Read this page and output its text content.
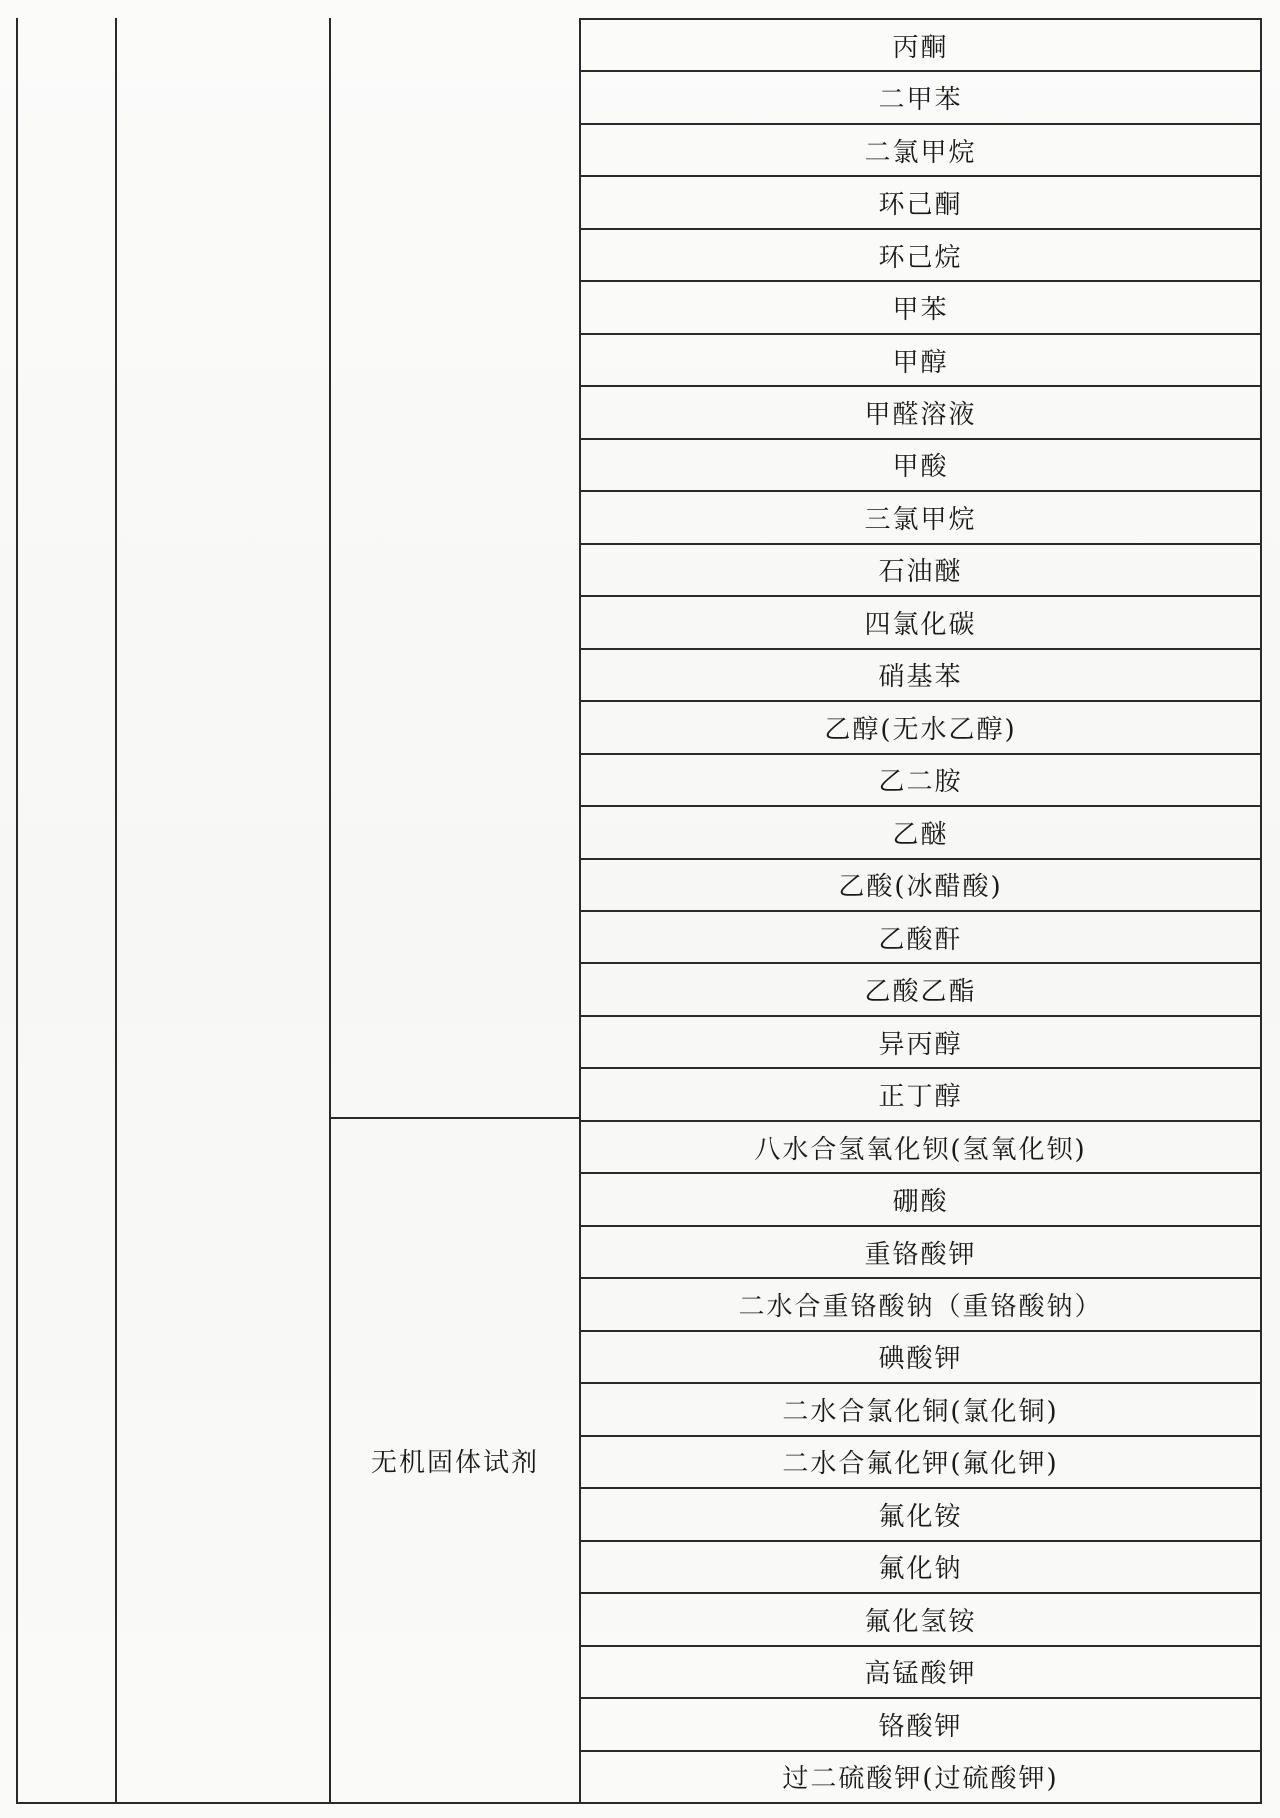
无机固体试剂
丙酮
二甲苯
二氯甲烷
环己酮
环己烷
甲苯
甲醇
甲醛溶液
甲酸
三氯甲烷
石油醚
四氯化碳
硝基苯
乙醇(无水乙醇)
乙二胺
乙醚
乙酸(冰醋酸)
乙酸酐
乙酸乙酯
异丙醇
正丁醇
八水合氢氧化钡(氢氧化钡)
硼酸
重铬酸钾
二水合重铬酸钠（重铬酸钠）
碘酸钾
二水合氯化铜(氯化铜)
二水合氟化钾(氟化钾)
氟化铵
氟化钠
氟化氢铵
高锰酸钾
铬酸钾
过二硫酸钾(过硫酸钾)
